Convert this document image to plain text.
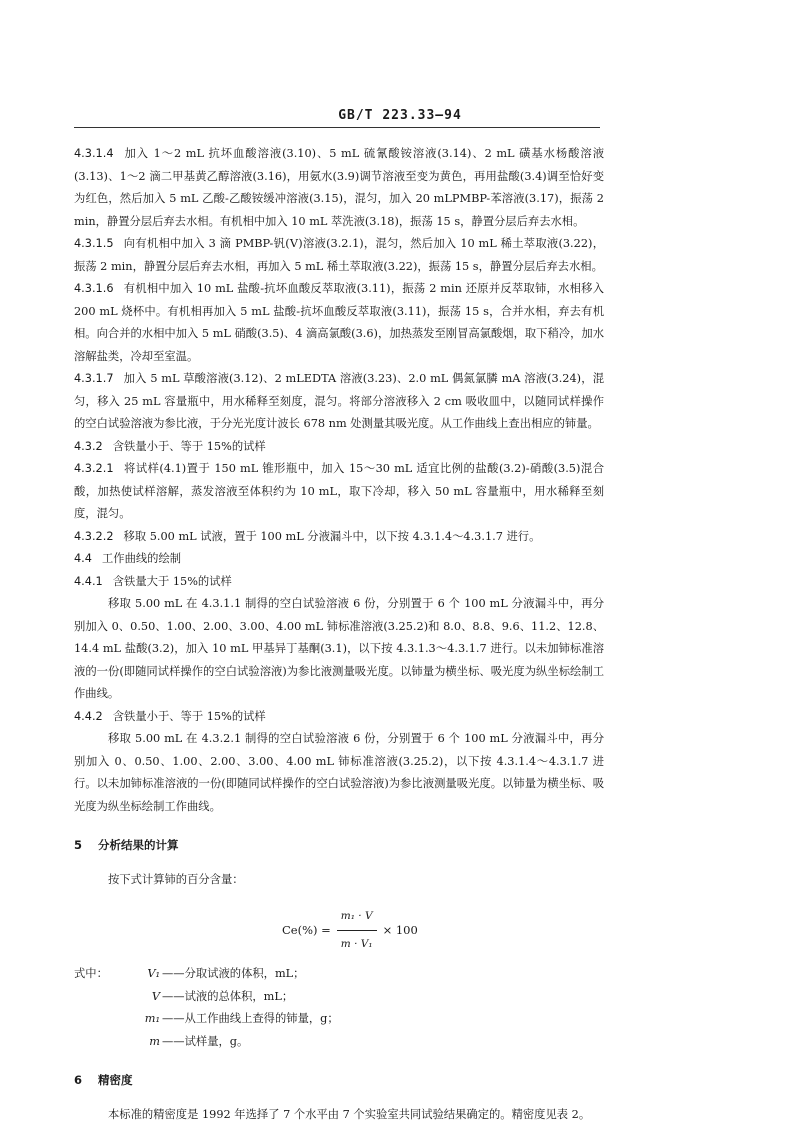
GB/T 223.33—94

4.3.1.4 加入 1～2 mL 抗坏血酸溶液(3.10)、5 mL 硫氰酸铵溶液(3.14)、2 mL 磺基水杨酸溶液(3.13)、1～2 滴二甲基黄乙醇溶液(3.16)，用氨水(3.9)调节溶液至变为黄色，再用盐酸(3.4)调至恰好变为红色，然后加入 5 mL 乙酸-乙酸铵缓冲溶液(3.15)，混匀，加入 20 mLPMBP-苯溶液(3.17)，振荡 2 min，静置分层后弃去水相。有机相中加入 10 mL 萃洗液(3.18)，振荡 15 s，静置分层后弃去水相。

4.3.1.5 向有机相中加入 3 滴 PMBP-钒(Ⅴ)溶液(3.2.1)，混匀，然后加入 10 mL 稀土萃取液(3.22)，振荡 2 min，静置分层后弃去水相，再加入 5 mL 稀土萃取液(3.22)，振荡 15 s，静置分层后弃去水相。

4.3.1.6 有机相中加入 10 mL 盐酸-抗坏血酸反萃取液(3.11)，振荡 2 min 还原并反萃取铈，水相移入 200 mL 烧杯中。有机相再加入 5 mL 盐酸-抗坏血酸反萃取液(3.11)，振荡 15 s，合并水相，弃去有机相。向合并的水相中加入 5 mL 硝酸(3.5)、4 滴高氯酸(3.6)，加热蒸发至刚冒高氯酸烟，取下稍冷，加水溶解盐类，冷却至室温。

4.3.1.7 加入 5 mL 草酸溶液(3.12)、2 mLEDTA 溶液(3.23)、2.0 mL 偶氮氯膦 mA 溶液(3.24)，混匀，移入 25 mL 容量瓶中，用水稀释至刻度，混匀。将部分溶液移入 2 cm 吸收皿中，以随同试样操作的空白试验溶液为参比液，于分光光度计波长 678 nm 处测量其吸光度。从工作曲线上查出相应的铈量。

4.3.2 含铁量小于、等于 15%的试样

4.3.2.1 将试样(4.1)置于 150 mL 锥形瓶中，加入 15～30 mL 适宜比例的盐酸(3.2)-硝酸(3.5)混合酸，加热使试样溶解，蒸发溶液至体积约为 10 mL，取下冷却，移入 50 mL 容量瓶中，用水稀释至刻度，混匀。

4.3.2.2 移取 5.00 mL 试液，置于 100 mL 分液漏斗中，以下按 4.3.1.4～4.3.1.7 进行。

4.4 工作曲线的绘制

4.4.1 含铁量大于 15%的试样

移取 5.00 mL 在 4.3.1.1 制得的空白试验溶液 6 份，分别置于 6 个 100 mL 分液漏斗中，再分别加入 0、0.50、1.00、2.00、3.00、4.00 mL 铈标准溶液(3.25.2)和 8.0、8.8、9.6、11.2、12.8、14.4 mL 盐酸(3.2)，加入 10 mL 甲基异丁基酮(3.1)，以下按 4.3.1.3～4.3.1.7 进行。以未加铈标准溶液的一份(即随同试样操作的空白试验溶液)为参比液测量吸光度。以铈量为横坐标、吸光度为纵坐标绘制工作曲线。

4.4.2 含铁量小于、等于 15%的试样

移取 5.00 mL 在 4.3.2.1 制得的空白试验溶液 6 份，分别置于 6 个 100 mL 分液漏斗中，再分别加入 0、0.50、1.00、2.00、3.00、4.00 mL 铈标准溶液(3.25.2)，以下按 4.3.1.4～4.3.1.7 进行。以未加铈标准溶液的一份(即随同试样操作的空白试验溶液)为参比液测量吸光度。以铈量为横坐标、吸光度为纵坐标绘制工作曲线。

5 分析结果的计算

按下式计算铈的百分含量：

$Ce(\%) = \frac{\text{m₁ · V}}{\text{m · V₁}} \times 100$
式中：	V₁ ——分取试液的体积，mL；
V ——试液的总体积，mL；
m₁ ——从工作曲线上查得的铈量，g；
m ——试样量，g。
6 精密度

本标准的精密度是 1992 年选择了 7 个水平由 7 个实验室共同试验结果确定的。精密度见表 2。
